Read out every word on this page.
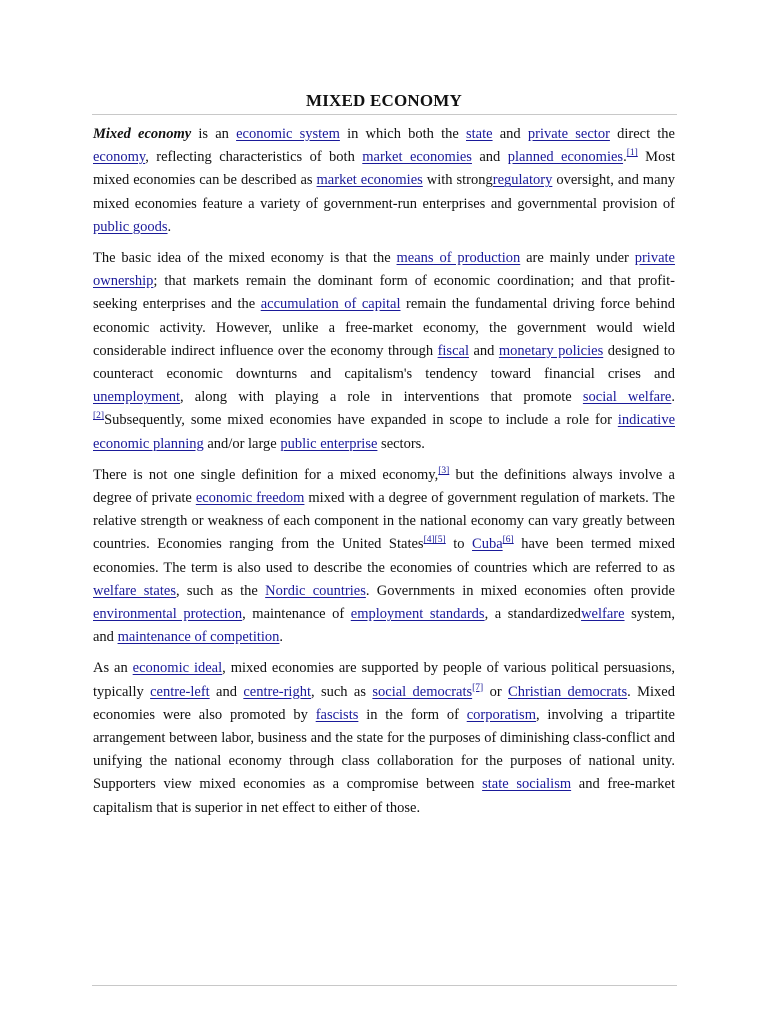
MIXED ECONOMY

Mixed economy is an economic system in which both the state and private sector direct the economy, reflecting characteristics of both market economies and planned economies.[1] Most mixed economies can be described as market economies with strongregulatory oversight, and many mixed economies feature a variety of government-run enterprises and governmental provision of public goods.

The basic idea of the mixed economy is that the means of production are mainly under private ownership; that markets remain the dominant form of economic coordination; and that profit-seeking enterprises and the accumulation of capital remain the fundamental driving force behind economic activity. However, unlike a free-market economy, the government would wield considerable indirect influence over the economy through fiscal and monetary policies designed to counteract economic downturns and capitalism's tendency toward financial crises and unemployment, along with playing a role in interventions that promote social welfare.[2]Subsequently, some mixed economies have expanded in scope to include a role for indicative economic planning and/or large public enterprise sectors.

There is not one single definition for a mixed economy,[3] but the definitions always involve a degree of private economic freedom mixed with a degree of government regulation of markets. The relative strength or weakness of each component in the national economy can vary greatly between countries. Economies ranging from the United States[4][5] to Cuba[6] have been termed mixed economies. The term is also used to describe the economies of countries which are referred to as welfare states, such as the Nordic countries. Governments in mixed economies often provide environmental protection, maintenance of employment standards, a standardizedwelfare system, and maintenance of competition.

As an economic ideal, mixed economies are supported by people of various political persuasions, typically centre-left and centre-right, such as social democrats[7] or Christian democrats. Mixed economies were also promoted by fascists in the form of corporatism, involving a tripartite arrangement between labor, business and the state for the purposes of diminishing class-conflict and unifying the national economy through class collaboration for the purposes of national unity. Supporters view mixed economies as a compromise between state socialism and free-market capitalism that is superior in net effect to either of those.
